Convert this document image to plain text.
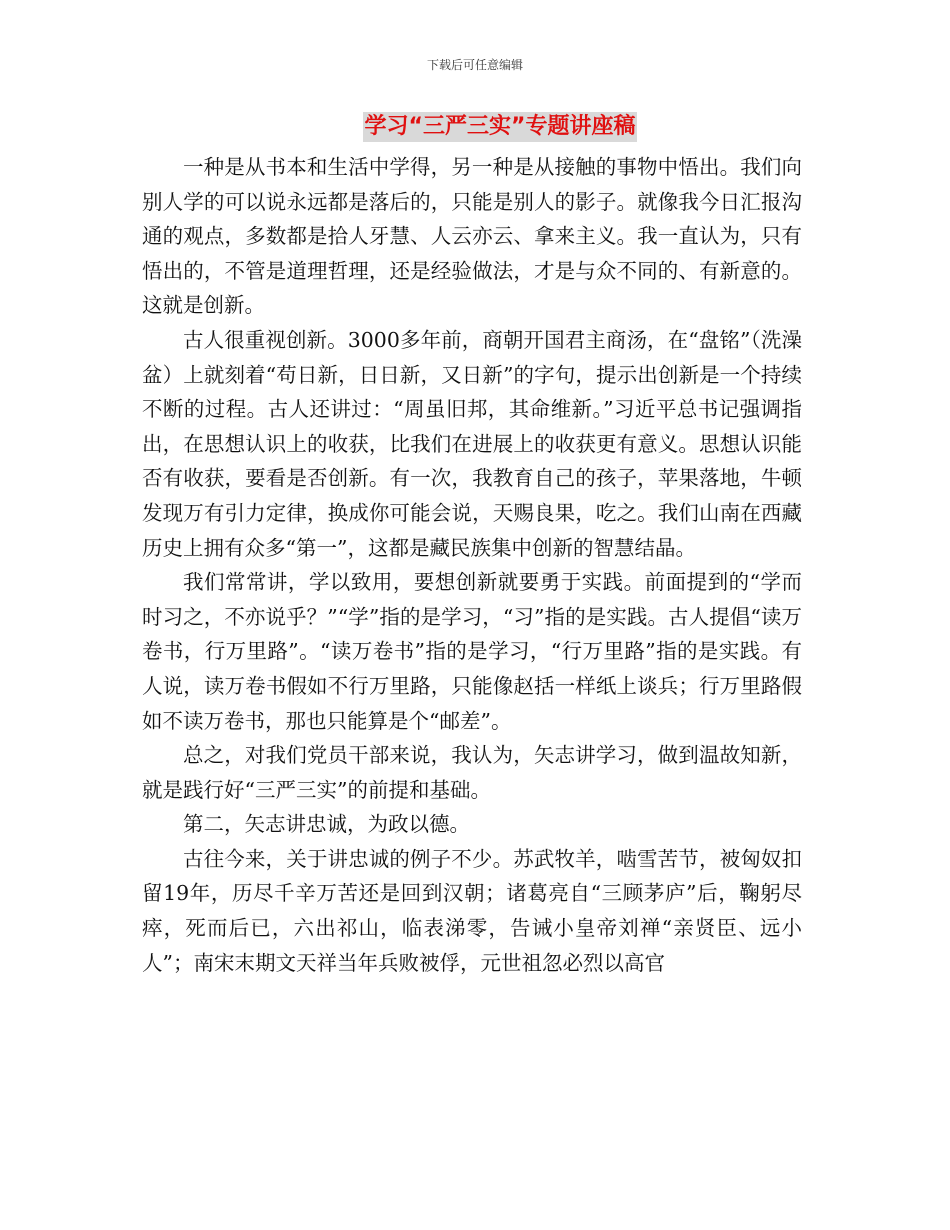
下载后可任意编辑
学习“三严三实”专题讲座稿

一种是从书本和生活中学得，另一种是从接触的事物中悟出。我们向别人学的可以说永远都是落后的，只能是别人的影子。就像我今日汇报沟通的观点，多数都是拾人牙慧、人云亦云、拿来主义。我一直认为，只有悟出的，不管是道理哲理，还是经验做法，才是与众不同的、有新意的。这就是创新。

古人很重视创新。3000多年前，商朝开国君主商汤，在“盘铭”（洗澡盆）上就刻着“苟日新，日日新，又日新”的字句，提示出创新是一个持续不断的过程。古人还讲过：“周虽旧邦，其命维新。”习近平总书记强调指出，在思想认识上的收获，比我们在进展上的收获更有意义。思想认识能否有收获，要看是否创新。有一次，我教育自己的孩子，苹果落地，牛顿发现万有引力定律，换成你可能会说，天赐良果，吃之。我们山南在西藏历史上拥有众多“第一”，这都是藏民族集中创新的智慧结晶。

我们常常讲，学以致用，要想创新就要勇于实践。前面提到的“学而时习之，不亦说乎？”“学”指的是学习，“习”指的是实践。古人提倡“读万卷书，行万里路”。“读万卷书”指的是学习，“行万里路”指的是实践。有人说，读万卷书假如不行万里路，只能像赵括一样纸上谈兵；行万里路假如不读万卷书，那也只能算是个“邮差”。

总之，对我们党员干部来说，我认为，矢志讲学习，做到温故知新，就是践行好“三严三实”的前提和基础。

第二，矢志讲忠诚，为政以德。

古往今来，关于讲忠诚的例子不少。苏武牧羊，啮雪苦节，被匈奴扣留19年，历尽千辛万苦还是回到汉朝；诸葛亮自“三顾茅庐”后，鞠躬尽瘁，死而后已，六出祁山，临表涕零，告诫小皇帝刘禅“亲贤臣、远小人”；南宋末期文天祥当年兵败被俘，元世祖忽必烈以高官
